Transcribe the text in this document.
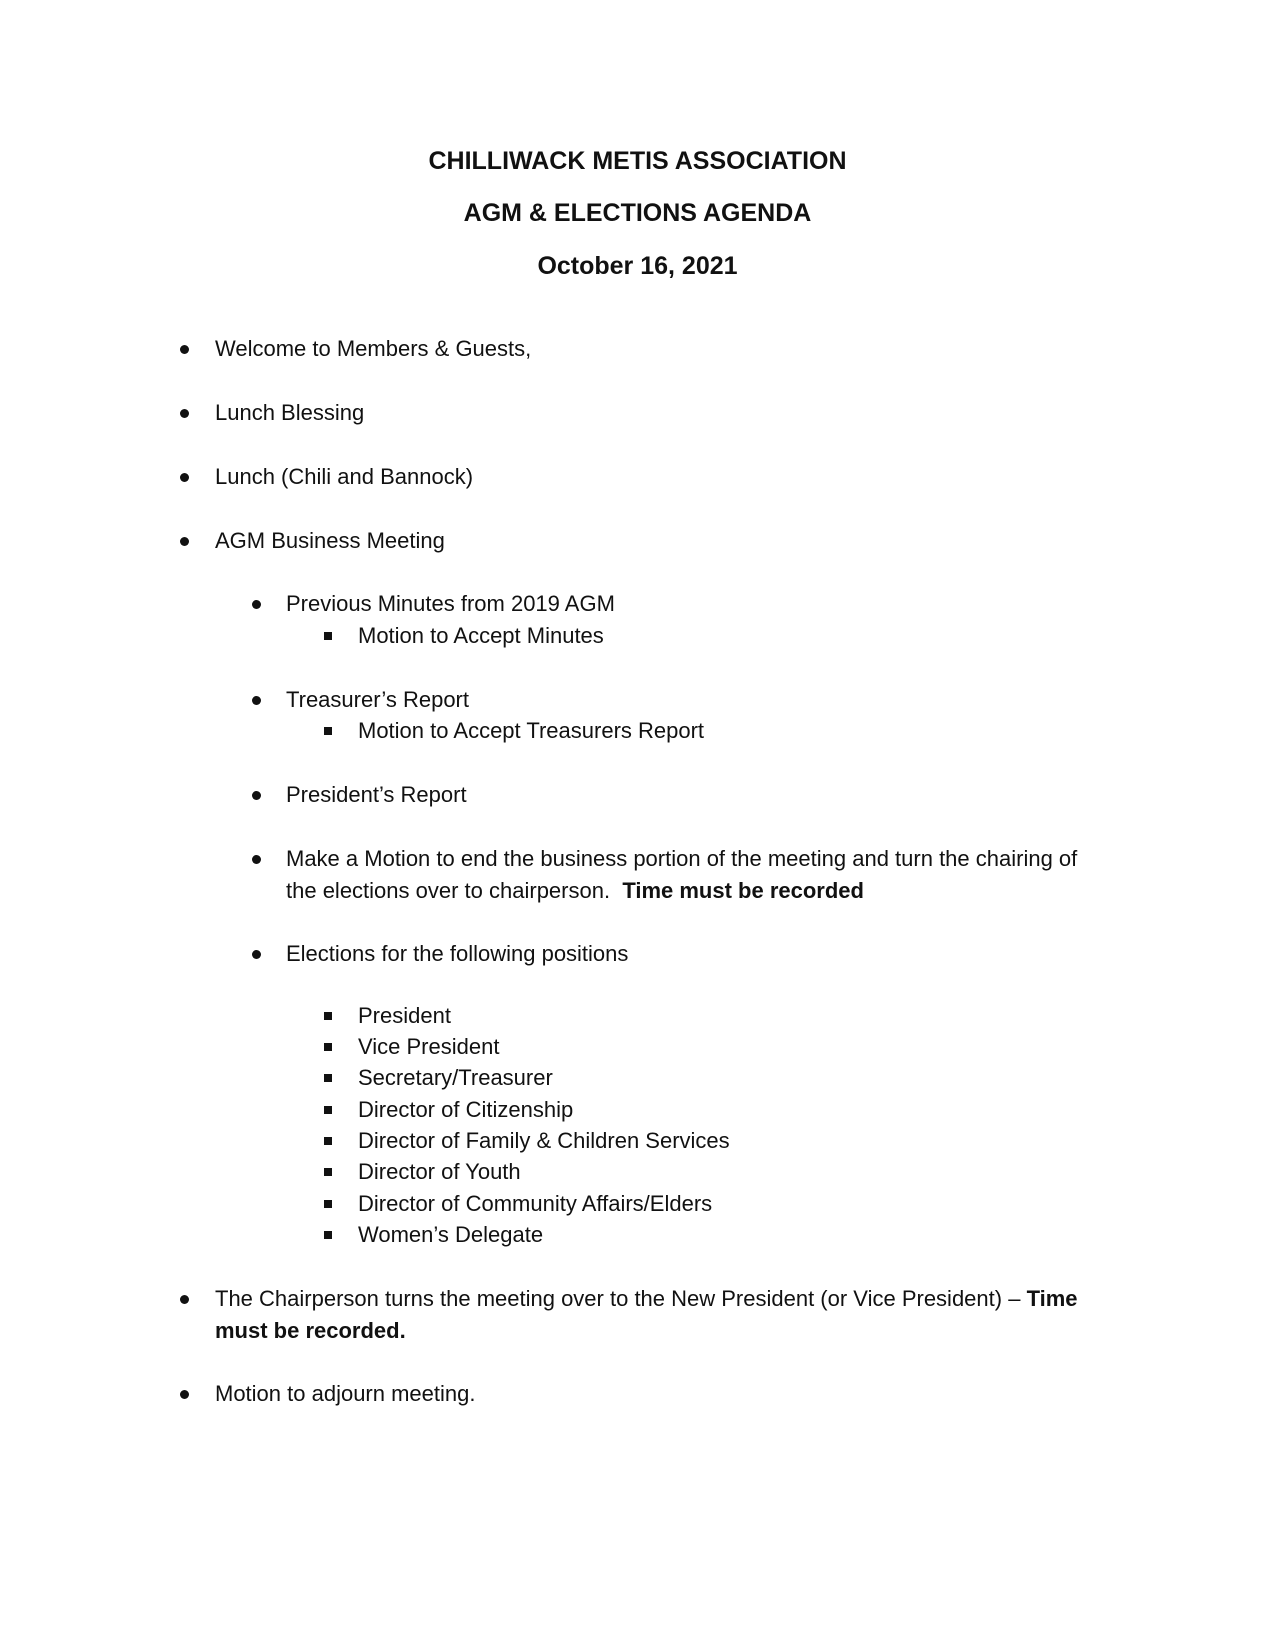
CHILLIWACK METIS ASSOCIATION
AGM & ELECTIONS AGENDA
October 16, 2021
Welcome to Members & Guests,
Lunch Blessing
Lunch (Chili and Bannock)
AGM Business Meeting
Previous Minutes from 2019 AGM
Motion to Accept Minutes
Treasurer’s Report
Motion to Accept Treasurers Report
President’s Report
Make a Motion to end the business portion of the meeting and turn the chairing of the elections over to chairperson. Time must be recorded
Elections for the following positions
President
Vice President
Secretary/Treasurer
Director of Citizenship
Director of Family & Children Services
Director of Youth
Director of Community Affairs/Elders
Women’s Delegate
The Chairperson turns the meeting over to the New President (or Vice President) – Time must be recorded.
Motion to adjourn meeting.
